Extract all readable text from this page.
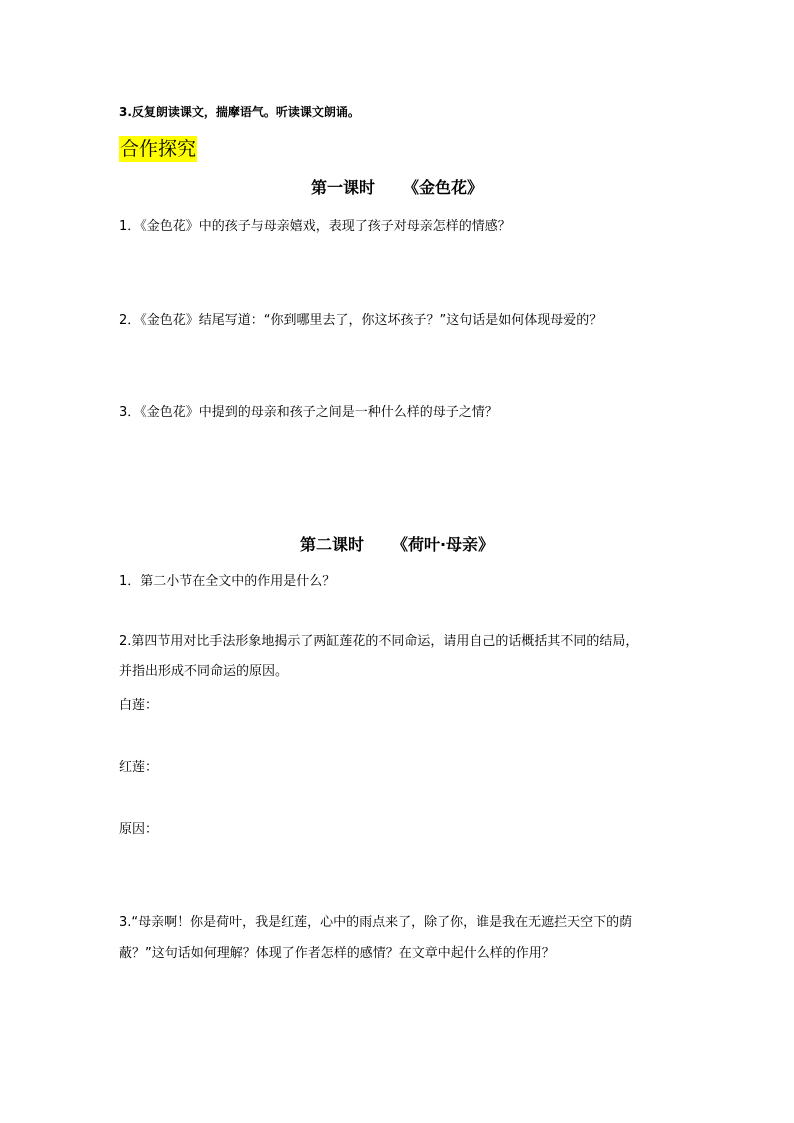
3.反复朗读课文，揣摩语气。听读课文朗诵。
合作探究
第一课时 《金色花》
1．《金色花》中的孩子与母亲嬉戏，表现了孩子对母亲怎样的情感？
2．《金色花》结尾写道：“你到哪里去了，你这坏孩子？”这句话是如何体现母爱的？
3．《金色花》中提到的母亲和孩子之间是一种什么样的母子之情？
第二课时 《荷叶·母亲》
1．第二小节在全文中的作用是什么？
2.第四节用对比手法形象地揭示了两缸莲花的不同命运，请用自己的话概括其不同的结局，
并指出形成不同命运的原因。
白莲：
红莲：
原因：
3.“母亲啊！你是荷叶，我是红莲，心中的雨点来了，除了你，谁是我在无遮拦天空下的荫
蔽？”这句话如何理解？体现了作者怎样的感情？在文章中起什么样的作用？
